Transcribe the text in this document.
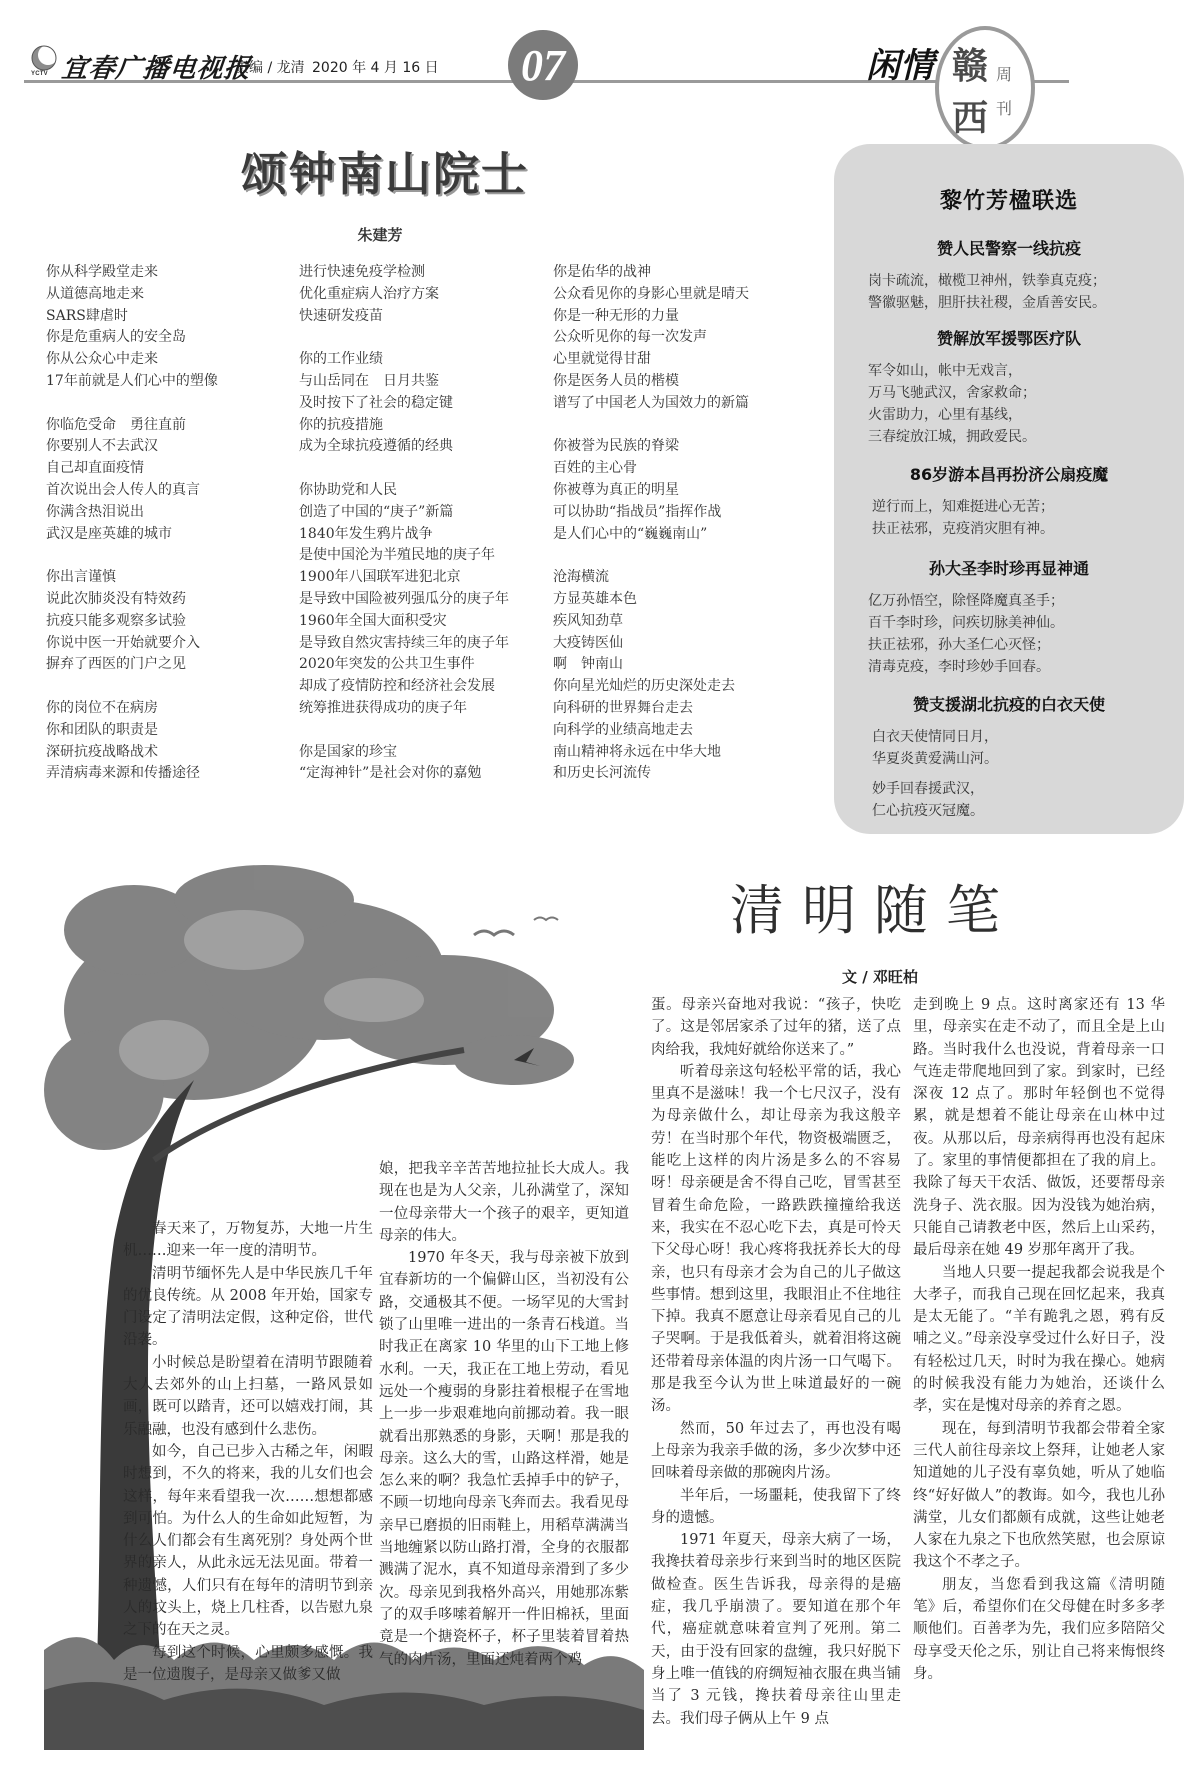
YCTV 宜春广播电视报
责编 / 龙清 2020 年 4 月 16 日 07	闲情 赣 周
西 刊
颂钟南山院士
朱建芳
你从科学殿堂走来
从道德高地走来
SARS肆虐时
你是危重病人的安全岛
你从公众心中走来
17年前就是人们心中的塑像
你临危受命　勇往直前
你要别人不去武汉
自己却直面疫情
首次说出会人传人的真言
你满含热泪说出
武汉是座英雄的城市
你出言谨慎
说此次肺炎没有特效药
抗疫只能多观察多试验
你说中医一开始就要介入
摒弃了西医的门户之见
你的岗位不在病房
你和团队的职责是
深研抗疫战略战术
弄清病毒来源和传播途径
进行快速免疫学检测
优化重症病人治疗方案
快速研发疫苗
你的工作业绩
与山岳同在　日月共鉴
及时按下了社会的稳定键
你的抗疫措施
成为全球抗疫遵循的经典
你协助党和人民
创造了中国的“庚子”新篇
1840年发生鸦片战争
是使中国沦为半殖民地的庚子年
1900年八国联军进犯北京
是导致中国险被列强瓜分的庚子年
1960年全国大面积受灾
是导致自然灾害持续三年的庚子年
2020年突发的公共卫生事件
却成了疫情防控和经济社会发展
统筹推进获得成功的庚子年
你是国家的珍宝
“定海神针”是社会对你的嘉勉
你是佑华的战神
公众看见你的身影心里就是晴天
你是一种无形的力量
公众听见你的每一次发声
心里就觉得甘甜
你是医务人员的楷模
谱写了中国老人为国效力的新篇
你被誉为民族的脊梁
百姓的主心骨
你被尊为真正的明星
可以协助“指战员”指挥作战
是人们心中的“巍巍南山”
沧海横流
方显英雄本色
疾风知劲草
大疫铸医仙
啊　钟南山
你向星光灿烂的历史深处走去
向科研的世界舞台走去
向科学的业绩高地走去
南山精神将永远在中华大地
和历史长河流传
黎竹芳楹联选
赞人民警察一线抗疫
岗卡疏流，橄榄卫神州，铁拳真克疫；
警徽驱魅，胆肝扶社稷，金盾善安民。
赞解放军援鄂医疗队
军令如山，帐中无戏言，
万马飞驰武汉，舍家救命；
火雷助力，心里有基线，
三春绽放江城，拥政爱民。
86岁游本昌再扮济公扇疫魔
逆行而上，知难挺进心无苦；
扶正祛邪，克疫消灾胆有神。
孙大圣李时珍再显神通
亿万孙悟空，除怪降魔真圣手；
百千李时珍，问疾切脉美神仙。
扶正祛邪，孙大圣仁心灭怪；
清毒克疫，李时珍妙手回春。
赞支援湖北抗疫的白衣天使
白衣天使情同日月，
华夏炎黄爱满山河。

妙手回春援武汉，
仁心抗疫灭冠魔。
清明随笔
文 / 邓旺柏

春天来了，万物复苏，大地一片生机……迎来一年一度的清明节。

清明节缅怀先人是中华民族几千年的优良传统。从 2008 年开始，国家专门设定了清明法定假，这种定俗，世代沿袭。

小时候总是盼望着在清明节跟随着大人去郊外的山上扫墓，一路风景如画，既可以踏青，还可以嬉戏打闹，其乐融融，也没有感到什么悲伤。

如今，自己已步入古稀之年，闲暇时想到，不久的将来，我的儿女们也会这样，每年来看望我一次……想想都感到可怕。为什么人的生命如此短暂，为什么人们都会有生离死别？身处两个世界的亲人，从此永远无法见面。带着一种遗憾，人们只有在每年的清明节到亲人的坟头上，烧上几柱香，以告慰九泉之下的在天之灵。

每到这个时候，心里颇多感慨。我是一位遗腹子，是母亲又做爹又做

娘，把我辛辛苦苦地拉扯长大成人。我现在也是为人父亲，儿孙满堂了，深知一位母亲带大一个孩子的艰辛，更知道母亲的伟大。

1970 年冬天，我与母亲被下放到宜春新坊的一个偏僻山区，当初没有公路，交通极其不便。一场罕见的大雪封锁了山里唯一进出的一条青石栈道。当时我正在离家 10 华里的山下工地上修水利。一天，我正在工地上劳动，看见远处一个瘦弱的身影拄着根棍子在雪地上一步一步艰难地向前挪动着。我一眼就看出那熟悉的身影，天啊！那是我的母亲。这么大的雪，山路这样滑，她是怎么来的啊？我急忙丢掉手中的铲子，不顾一切地向母亲飞奔而去。我看见母亲早已磨损的旧雨鞋上，用稻草满满当当地缠紧以防山路打滑，全身的衣服都溅满了泥水，真不知道母亲滑到了多少次。母亲见到我格外高兴，用她那冻紫了的双手哆嗦着解开一件旧棉袄，里面竟是一个搪瓷杯子，杯子里装着冒着热气的肉片汤，里面还炖着两个鸡

蛋。母亲兴奋地对我说：“孩子，快吃了。这是邻居家杀了过年的猪，送了点肉给我，我炖好就给你送来了。”

听着母亲这句轻松平常的话，我心里真不是滋味！我一个七尺汉子，没有为母亲做什么，却让母亲为我这般辛劳！在当时那个年代，物资极端匮乏，能吃上这样的肉片汤是多么的不容易呀！母亲硬是舍不得自己吃，冒雪甚至冒着生命危险，一路跌跌撞撞给我送来，我实在不忍心吃下去，真是可怜天下父母心呀！我心疼将我抚养长大的母亲，也只有母亲才会为自己的儿子做这些事情。想到这里，我眼泪止不住地往下掉。我真不愿意让母亲看见自己的儿子哭啊。于是我低着头，就着泪将这碗还带着母亲体温的肉片汤一口气喝下。那是我至今认为世上味道最好的一碗汤。

然而，50 年过去了，再也没有喝上母亲为我亲手做的汤，多少次梦中还回味着母亲做的那碗肉片汤。

半年后，一场噩耗，使我留下了终身的遗憾。

1971 年夏天，母亲大病了一场，我搀扶着母亲步行来到当时的地区医院做检查。医生告诉我，母亲得的是癌症，我几乎崩溃了。要知道在那个年代，癌症就意味着宣判了死刑。第二天，由于没有回家的盘缠，我只好脱下身上唯一值钱的府绸短袖衣服在典当铺当了 3 元钱，搀扶着母亲往山里走去。我们母子俩从上午 9 点

走到晚上 9 点。这时离家还有 13 华里，母亲实在走不动了，而且全是上山路。当时我什么也没说，背着母亲一口气连走带爬地回到了家。到家时，已经深夜 12 点了。那时年轻倒也不觉得累，就是想着不能让母亲在山林中过夜。从那以后，母亲病得再也没有起床了。家里的事情便都担在了我的肩上。我除了每天干农活、做饭，还要帮母亲洗身子、洗衣服。因为没钱为她治病，只能自己请教老中医，然后上山采药，最后母亲在她 49 岁那年离开了我。

当地人只要一提起我都会说我是个大孝子，而我自己现在回忆起来，我真是太无能了。“羊有跪乳之恩，鸦有反哺之义。”母亲没享受过什么好日子，没有轻松过几天，时时为我在操心。她病的时候我没有能力为她治，还谈什么孝，实在是愧对母亲的养育之恩。

现在，每到清明节我都会带着全家三代人前往母亲坟上祭拜，让她老人家知道她的儿子没有辜负她，听从了她临终“好好做人”的教诲。如今，我也儿孙满堂，儿女们都颇有成就，这些让她老人家在九泉之下也欣然笑慰，也会原谅我这个不孝之子。

朋友，当您看到我这篇《清明随笔》后，希望你们在父母健在时多多孝顺他们。百善孝为先，我们应多陪陪父母享受天伦之乐，别让自己将来悔恨终身。
